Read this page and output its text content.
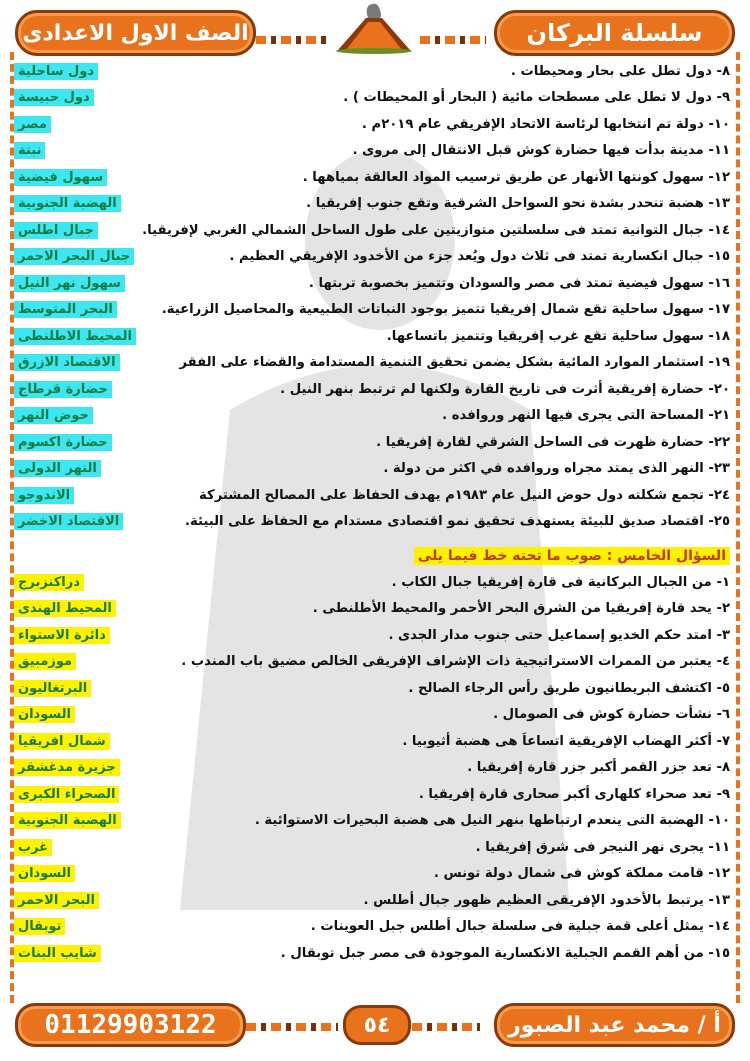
سلسلة البركان
الصف الاول الاعدادى
٨- دول تطل على بحار ومحيطات .
دول ساحلية
٩- دول لا تطل على مسطحات مائية ( البحار أو المحيطات ) .
دول حبيسة
١٠- دولة تم انتخابها لرئاسة الاتحاد الإفريقي عام ٢٠١٩م .
مصر
١١- مدينة بدأت فيها حضارة كوش قبل الانتقال إلى مروى .
نبتة
١٢- سهول كونتها الأنهار عن طريق ترسيب المواد العالقة بمياهها .
سهول فيضية
١٣- هضبة تنحدر بشدة نحو السواحل الشرقية وتقع جنوب إفريقيا .
الهضبة الجنوبية
١٤- جبال التوانية تمتد فى سلسلتين متوازيتين على طول الساحل الشمالي الغربي لإفريقيا.
جبال اطلس
١٥- جبال انكسارية تمتد فى ثلاث دول ويُعد جزء من الأخدود الإفريقي العظيم .
جبال البحر الاحمر
١٦- سهول فيضية تمتد فى مصر والسودان وتتميز بخصوبة تربتها .
سهول نهر النيل
١٧- سهول ساحلية تقع شمال إفريقيا تتميز بوجود النباتات الطبيعية والمحاصيل الزراعية.
البحر المتوسط
١٨- سهول ساحلية تقع غرب إفريقيا وتتميز باتساعها.
المحيط الاطلنطى
١٩- استثمار الموارد المائية بشكل يضمن تحقيق التنمية المستدامة والقضاء على الفقر
الاقتصاد الازرق
٢٠- حضارة إفريقية أثرت فى تاريخ القارة ولكنها لم ترتبط بنهر النيل .
حضارة قرطاج
٢١- المساحة التى يجرى فيها النهر وروافده .
حوض النهر
٢٢- حضارة ظهرت فى الساحل الشرقي لقارة إفريقيا .
حضارة اكسوم
٢٣- النهر الذى يمتد مجراه وروافده في اكثر من دولة .
النهر الدولى
٢٤- تجمع شكلته دول حوض النيل عام ١٩٨٣م يهدف الحفاظ على المصالح المشتركة
الاندوجو
٢٥- اقتصاد صديق للبيئة يستهدف تحقيق نمو اقتصادى مستدام مع الحفاظ على البيئة.
الاقتصاد الاخضر
السؤال الخامس : صوب ما تحته خط فيما يلى
١- من الجبال البركانية فى قارة إفريقيا جبال الكاب .
دراكنزبرج
٢- يحد قارة إفريقيا من الشرق البحر الأحمر والمحيط الأطلنطى .
المحيط الهندى
٣- امتد حكم الخديو إسماعيل حتى جنوب مدار الجدى .
دائرة الاستواء
٤- يعتبر من الممرات الاستراتيجية ذات الإشراف الإفريقى الخالص مضيق باب المندب .
موزمبيق
٥- اكتشف البريطانيون طريق رأس الرجاء الصالح .
البرتغاليون
٦- نشأت حضارة كوش فى الصومال .
السودان
٧- أكثر الهضاب الإفريقية اتساعاَ هى هضبة أثيوبيا .
شمال افريقيا
٨- تعد جزر القمر أكبر جزر قارة إفريقيا .
جزيرة مدغشقر
٩- تعد صحراء كلهارى أكبر صحارى قارة إفريقيا .
الصحراء الكبرى
١٠- الهضبة التى ينعدم ارتباطها بنهر النيل هى هضبة البحيرات الاستوائية .
الهضبة الجنوبية
١١- يجرى نهر النيجر فى شرق إفريقيا .
غرب
١٢- قامت مملكة كوش فى شمال دولة تونس .
السودان
١٣- يرتبط بالأخدود الإفريقى العظيم ظهور جبال أطلس .
البحر الاحمر
١٤- يمثل أعلى قمة جبلية فى سلسلة جبال أطلس جبل العوينات .
توبقال
١٥- من أهم القمم الجبلية الانكسارية الموجودة فى مصر جبل توبقال .
شايب البنات
أ / محمد عبد الصبور
٥٤
01129903122
